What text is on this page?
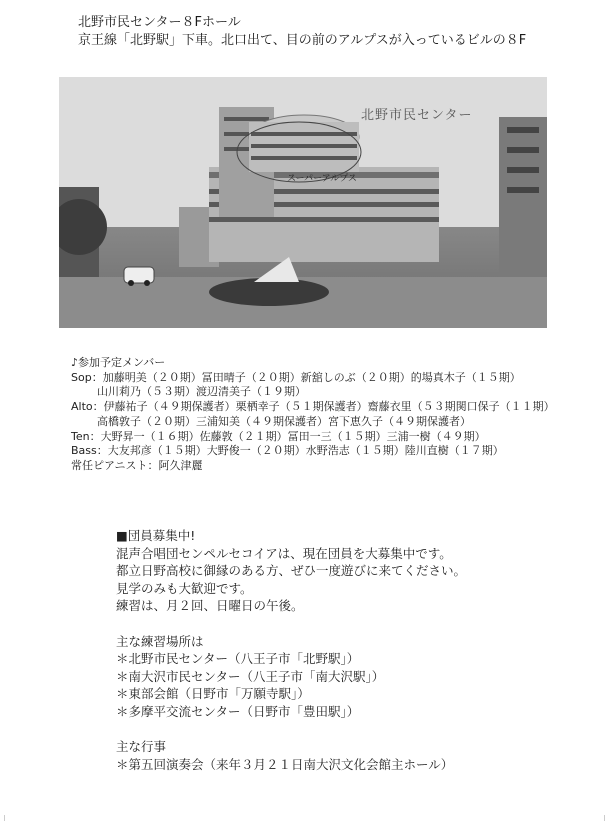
北野市民センター８Fホール
京王線「北野駅」下車。北口出て、目の前のアルプスが入っているビルの８F
スーパーアルプス
北野市民センター
♪参加予定メンバー
Sop： 加藤明美（２０期）冨田晴子（２０期）新舘しのぶ（２０期）的場真木子（１５期）
山川莉乃（５３期）渡辺清美子（１９期）
Alto： 伊藤祐子（４９期保護者）栗栖幸子（５１期保護者）齋藤衣里（５３期関口保子（１１期）
高橋敦子（２０期）三浦知美（４９期保護者）宮下恵久子（４９期保護者）
Ten： 大野昇一（１６期）佐藤敦（２１期）冨田一三（１５期）三浦一樹（４９期）
Bass： 大友邦彦（１５期）大野俊一（２０期）水野浩志（１５期）陸川直樹（１７期）
常任ピアニスト：阿久津麗
■団員募集中!
混声合唱団センペルセコイアは、現在団員を大募集中です。
都立日野高校に御縁のある方、ぜひ一度遊びに来てください。
見学のみも大歓迎です。
練習は、月２回、日曜日の午後。
主な練習場所は
＊北野市民センター（八王子市「北野駅」）
＊南大沢市民センター（八王子市「南大沢駅」）
＊東部会館（日野市「万願寺駅」）
＊多摩平交流センター（日野市「豊田駅」）
主な行事
＊第五回演奏会（来年３月２１日南大沢文化会館主ホール）
